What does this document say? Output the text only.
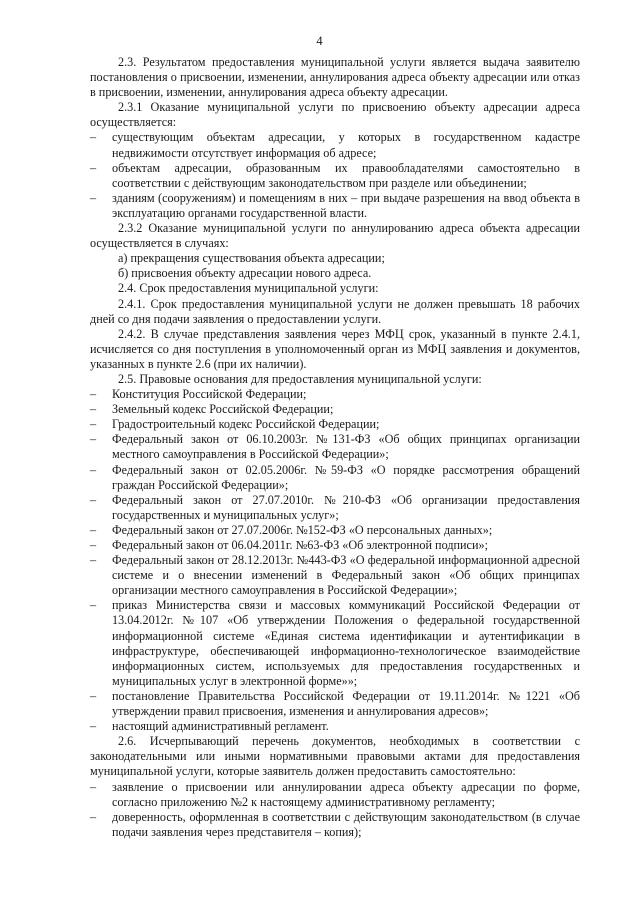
4
2.3. Результатом предоставления муниципальной услуги является выдача заявителю постановления о присвоении, изменении, аннулирования адреса объекту адресации или отказ в присвоении, изменении, аннулирования адреса объекту адресации.
2.3.1 Оказание муниципальной услуги по присвоению объекту адресации адреса осуществляется:
– существующим объектам адресации, у которых в государственном кадастре недвижимости отсутствует информация об адресе;
– объектам адресации, образованным их правообладателями самостоятельно в соответствии с действующим законодательством при разделе или объединении;
– зданиям (сооружениям) и помещениям в них – при выдаче разрешения на ввод объекта в эксплуатацию органами государственной власти.
2.3.2 Оказание муниципальной услуги по аннулированию адреса объекта адресации осуществляется в случаях:
а) прекращения существования объекта адресации;
б) присвоения объекту адресации нового адреса.
2.4. Срок предоставления муниципальной услуги:
2.4.1. Срок предоставления муниципальной услуги не должен превышать 18 рабочих дней со дня подачи заявления о предоставлении услуги.
2.4.2. В случае представления заявления через МФЦ срок, указанный в пункте 2.4.1, исчисляется со дня поступления в уполномоченный орган из МФЦ заявления и документов, указанных в пункте 2.6 (при их наличии).
2.5. Правовые основания для предоставления муниципальной услуги:
– Конституция Российской Федерации;
– Земельный кодекс Российской Федерации;
– Градостроительный кодекс Российской Федерации;
– Федеральный закон от 06.10.2003г. №131-ФЗ «Об общих принципах организации местного самоуправления в Российской Федерации»;
– Федеральный закон от 02.05.2006г. №59-ФЗ «О порядке рассмотрения обращений граждан Российской Федерации»;
– Федеральный закон от 27.07.2010г. №210-ФЗ «Об организации предоставления государственных и муниципальных услуг»;
– Федеральный закон от 27.07.2006г. №152-ФЗ «О персональных данных»;
– Федеральный закон от 06.04.2011г. №63-ФЗ «Об электронной подписи»;
– Федеральный закон от 28.12.2013г. №443-ФЗ «О федеральной информационной адресной системе и о внесении изменений в Федеральный закон «Об общих принципах организации местного самоуправления в Российской Федерации»;
– приказ Министерства связи и массовых коммуникаций Российской Федерации от 13.04.2012г. №107 «Об утверждении Положения о федеральной государственной информационной системе «Единая система идентификации и аутентификации в инфраструктуре, обеспечивающей информационно-технологическое взаимодействие информационных систем, используемых для предоставления государственных и муниципальных услуг в электронной форме»»;
– постановление Правительства Российской Федерации от 19.11.2014г. №1221 «Об утверждении правил присвоения, изменения и аннулирования адресов»;
– настоящий административный регламент.
2.6. Исчерпывающий перечень документов, необходимых в соответствии с законодательными или иными нормативными правовыми актами для предоставления муниципальной услуги, которые заявитель должен предоставить самостоятельно:
– заявление о присвоении или аннулировании адреса объекту адресации по форме, согласно приложению №2 к настоящему административному регламенту;
– доверенность, оформленная в соответствии с действующим законодательством (в случае подачи заявления через представителя – копия);
